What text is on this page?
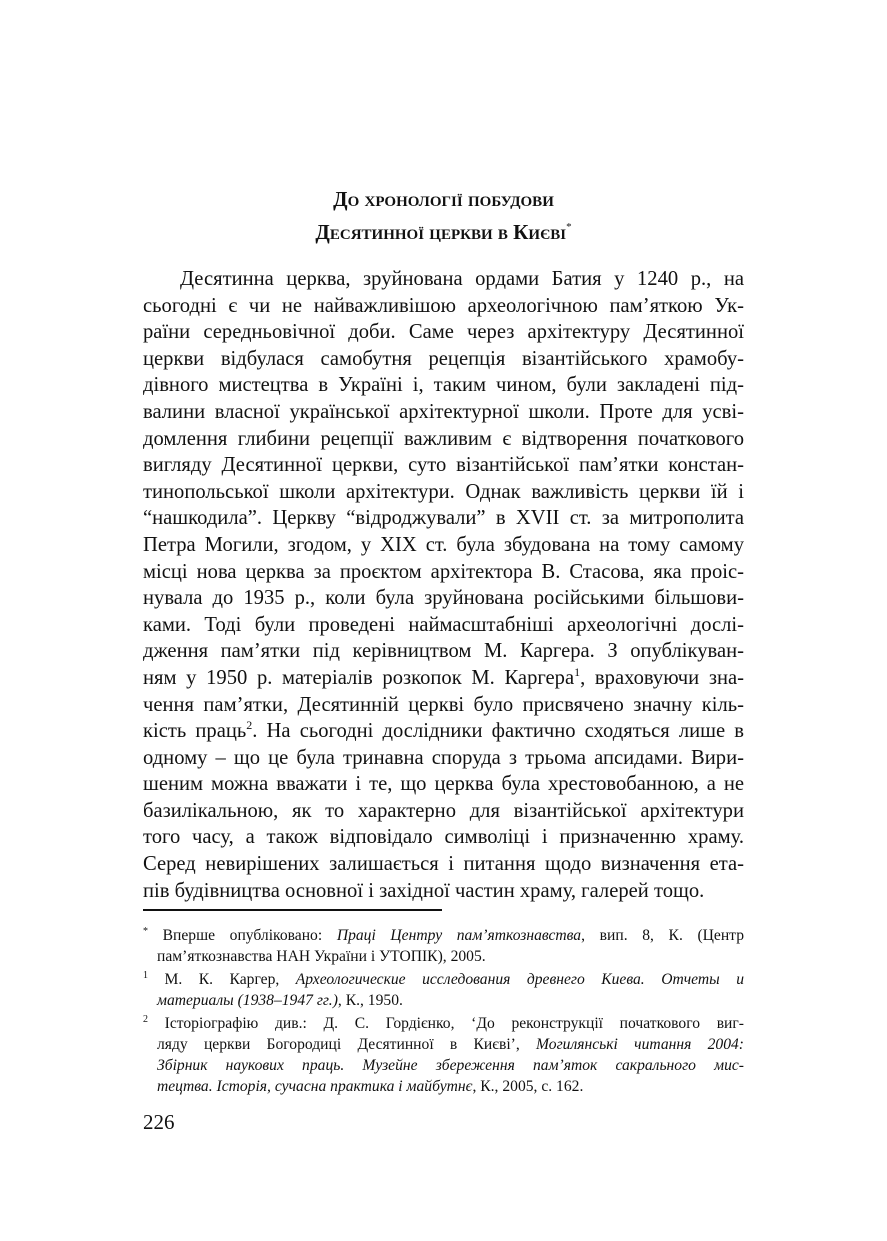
До хронології побудови
Десятинної церкви в Києві*
Десятинна церква, зруйнована ордами Батия у 1240 р., на
сьогодні є чи не найважливішою археологічною пам’яткою Ук-
раїни середньовічної доби. Саме через архітектуру Десятинної
церкви відбулася самобутня рецепція візантійського храмобу-
дівного мистецтва в Україні і, таким чином, були закладені під-
валини власної української архітектурної школи. Проте для усві-
домлення глибини рецепції важливим є відтворення початкового
вигляду Десятинної церкви, суто візантійської пам’ятки констан-
тинопольської школи архітектури. Однак важливість церкви їй і
“нашкодила”. Церкву “відроджували” в XVII ст. за митрополита
Петра Могили, згодом, у XIX ст. була збудована на тому самому
місці нова церква за проєктом архітектора В. Стасова, яка проіс-
нувала до 1935 р., коли була зруйнована російськими більшови-
ками. Тоді були проведені наймасштабніші археологічні дослі-
дження пам’ятки під керівництвом М. Каргера. З опублікуван-
ням у 1950 р. матеріалів розкопок М. Каргера$^1$, враховуючи зна-
чення пам’ятки, Десятинній церкві було присвячено значну кіль-
кість праць$^2$. На сьогодні дослідники фактично сходяться лише в
одному – що це була тринавна споруда з трьома апсидами. Вири-
шеним можна вважати і те, що церква була хрестовобанною, а не
базилікальною, як то характерно для візантійської архітектури
того часу, а також відповідало символіці і призначенню храму.
Серед невирішених залишається і питання щодо визначення ета-
пів будівництва основної і західної частин храму, галерей тощо.
* Вперше опубліковано: Праці Центру пам’яткознавства, вип. 8, К. (Центр
пам’яткознавства НАН України і УТОПІК), 2005.
$^1$ М. К. Каргер, Археологические исследования древнего Киева. Отчеты и
материалы (1938–1947 гг.), К., 1950.
$^2$ Історіографію див.: Д. С. Гордієнко, ‘До реконструкції початкового виг-
ляду церкви Богородиці Десятинної в Києві’, Могилянські читання 2004:
Збірник наукових праць. Музейне збереження пам’яток сакрального мис-
тецтва. Історія, сучасна практика і майбутнє, К., 2005, с. 162.
226
